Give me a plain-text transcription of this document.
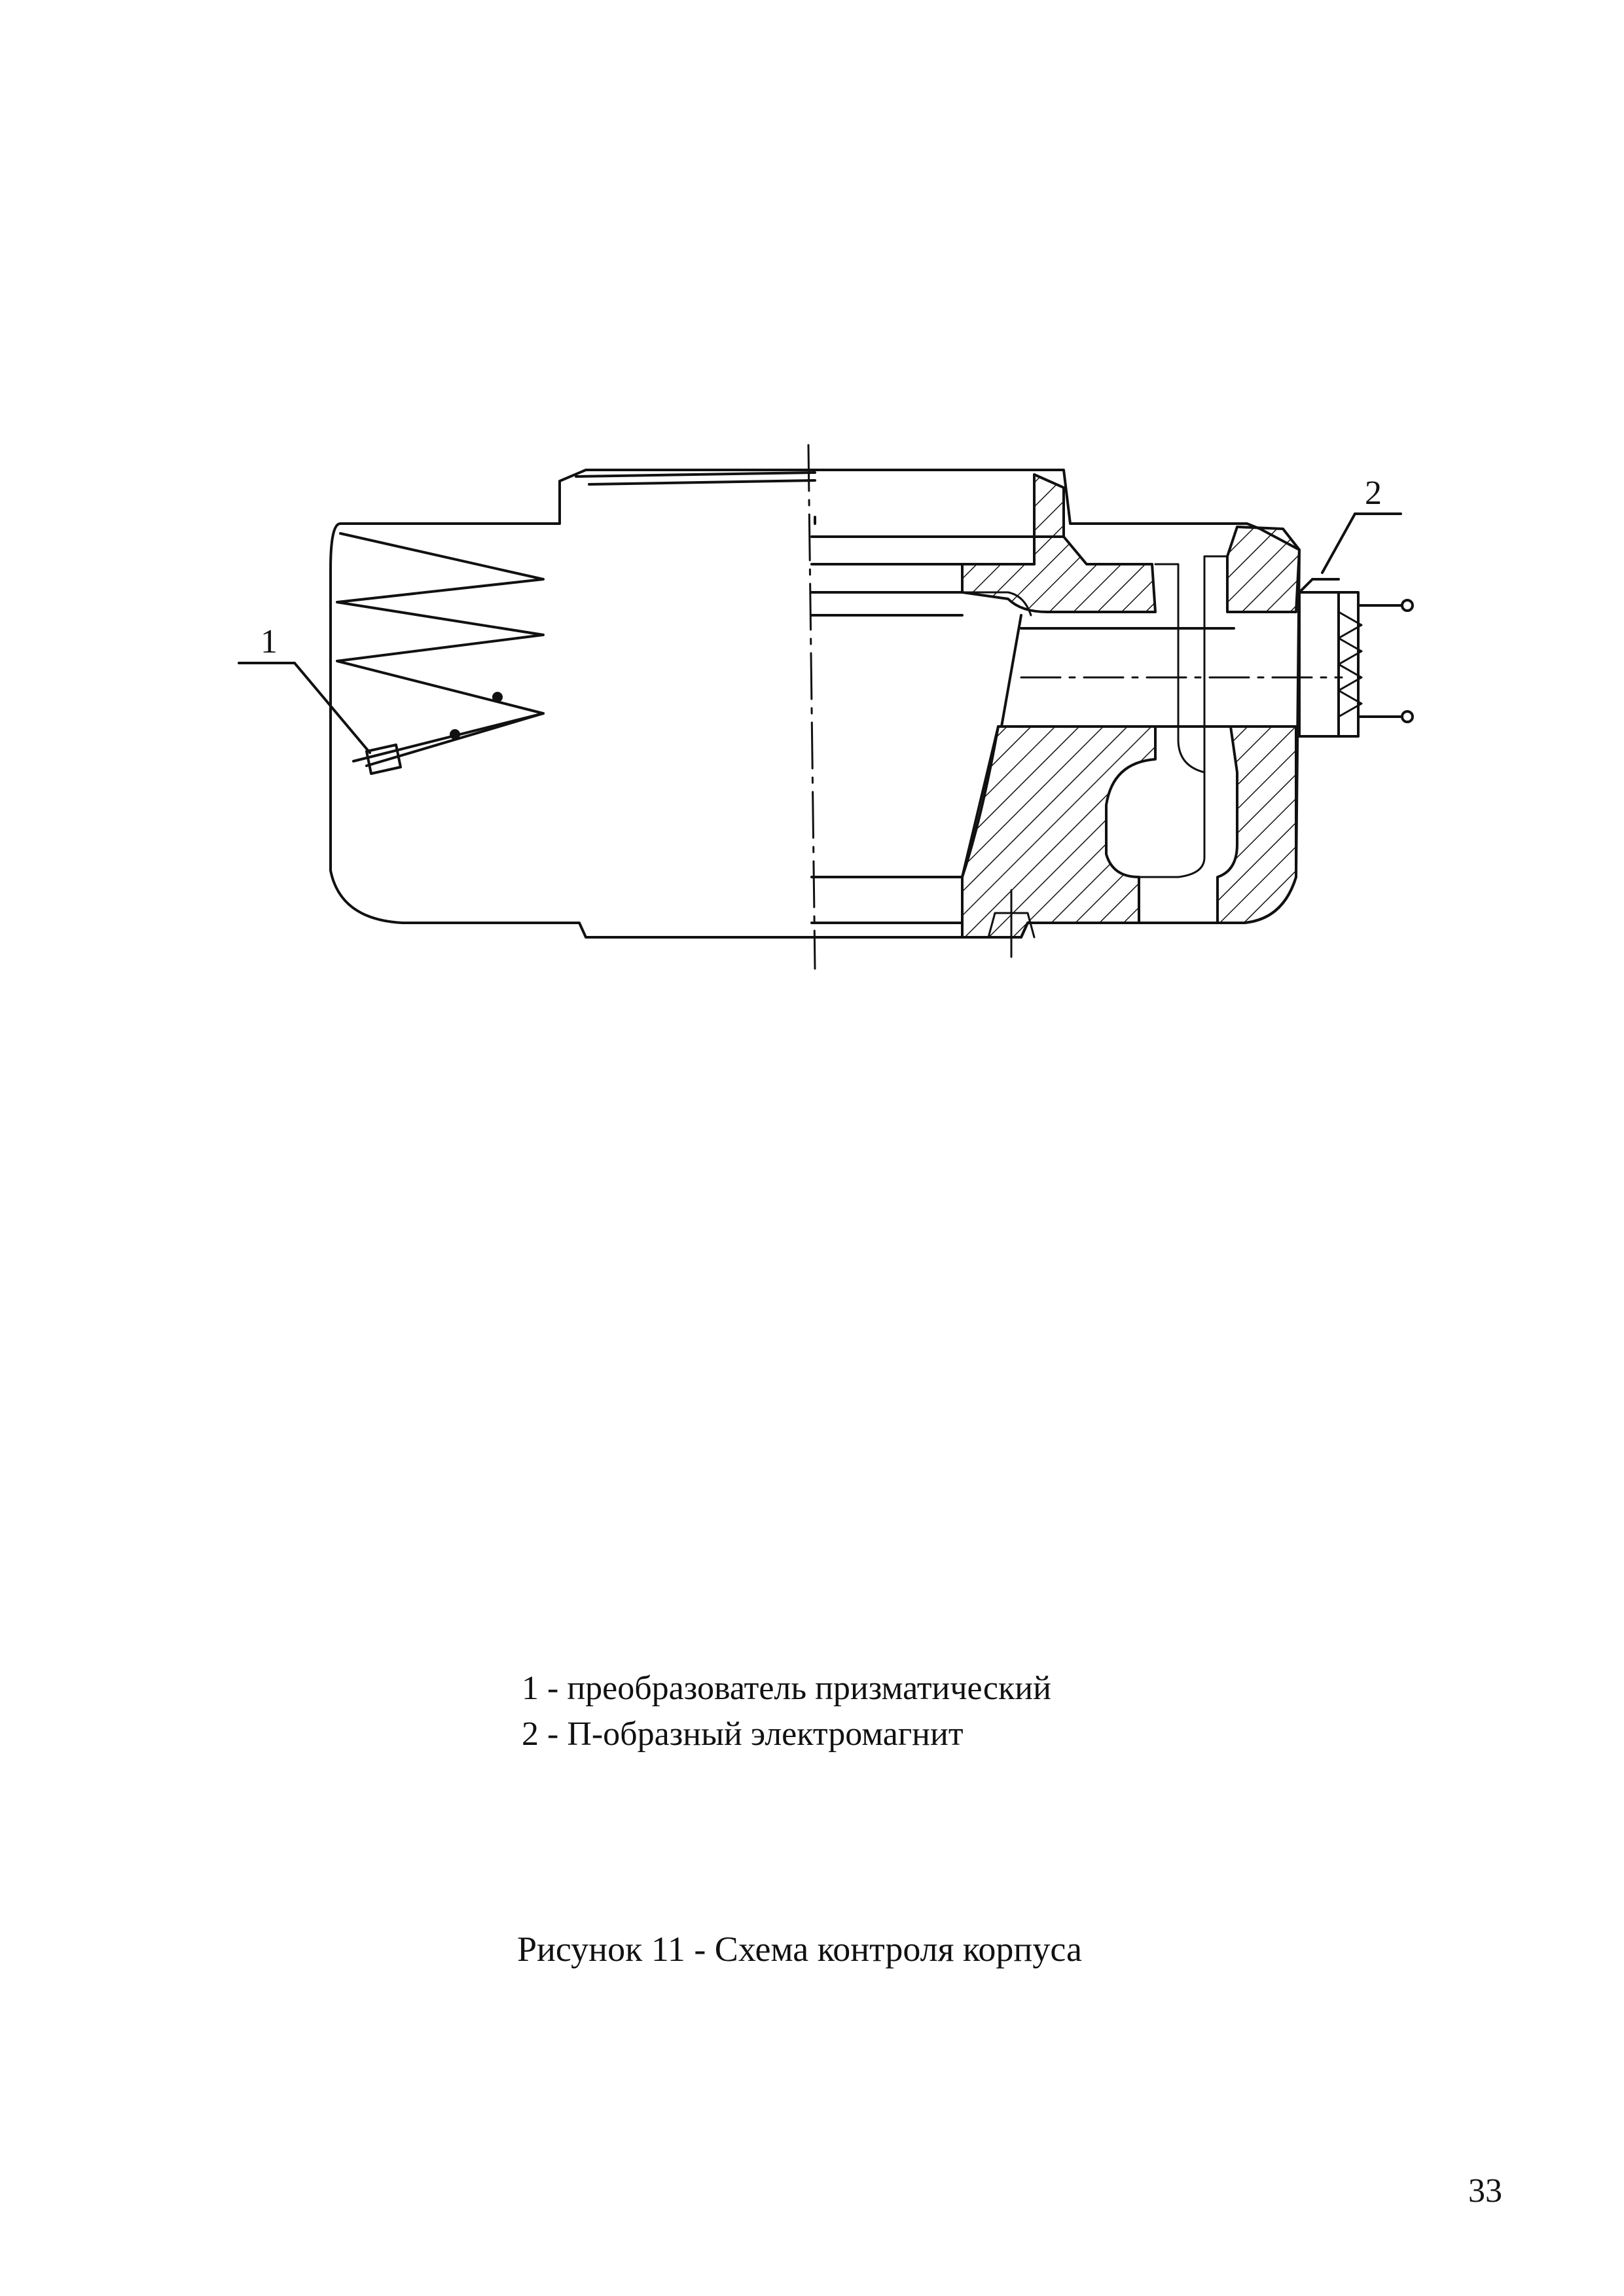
1
2
1 - преобразователь призматический
2 - П-образный электромагнит
Рисунок 11 - Схема контроля корпуса
33
